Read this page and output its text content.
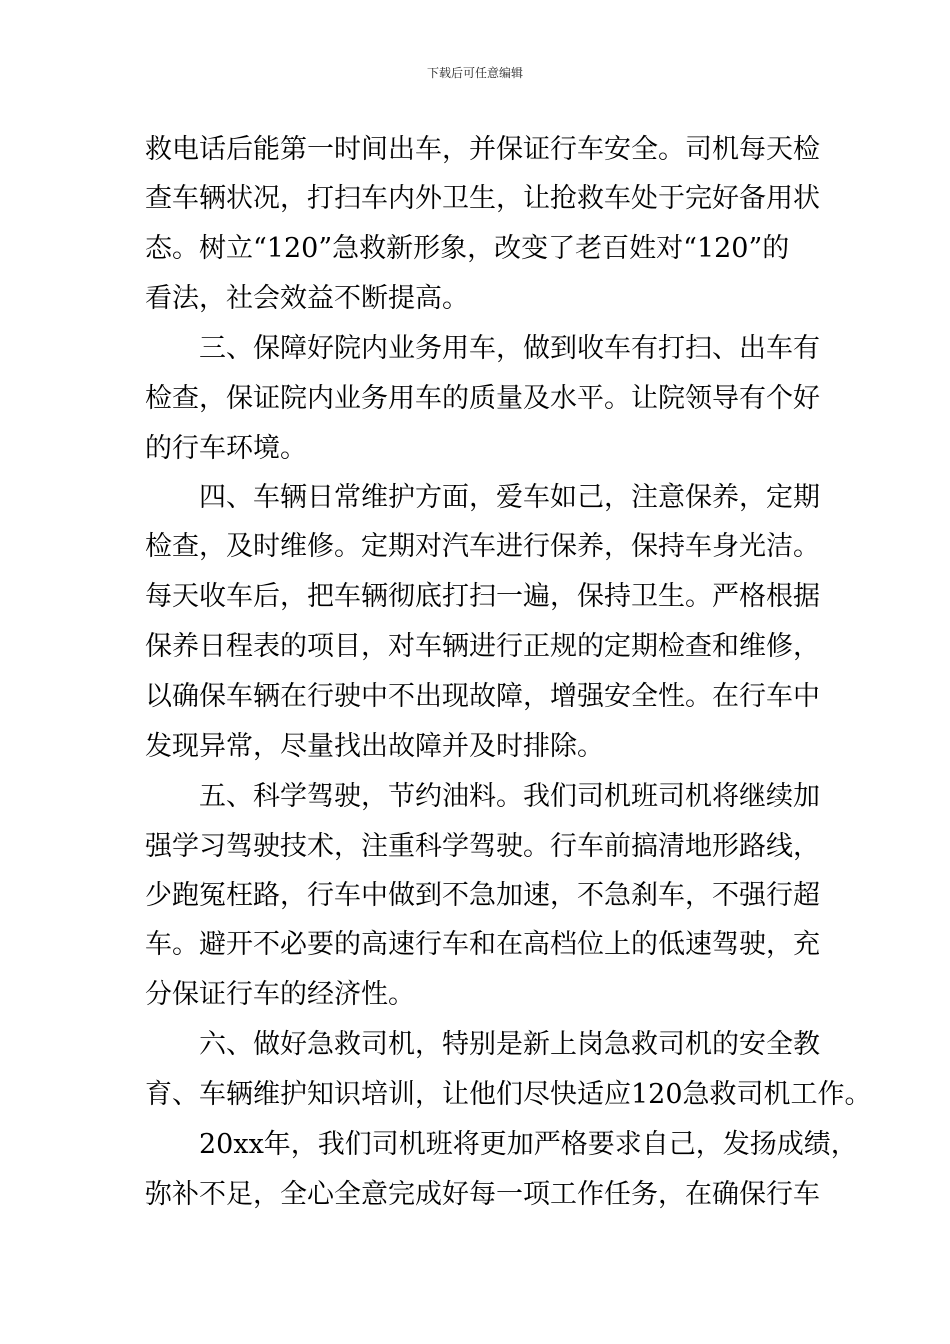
下载后可任意编辑
救电话后能第一时间出车，并保证行车安全。司机每天检
查车辆状况，打扫车内外卫生，让抢救车处于完好备用状
态。树立“120”急救新形象，改变了老百姓对“120”的
看法，社会效益不断提高。
三、保障好院内业务用车，做到收车有打扫、出车有
检查，保证院内业务用车的质量及水平。让院领导有个好
的行车环境。
四、车辆日常维护方面，爱车如己，注意保养，定期
检查，及时维修。定期对汽车进行保养，保持车身光洁。
每天收车后，把车辆彻底打扫一遍，保持卫生。严格根据
保养日程表的项目，对车辆进行正规的定期检查和维修，
以确保车辆在行驶中不出现故障，增强安全性。在行车中
发现异常，尽量找出故障并及时排除。
五、科学驾驶，节约油料。我们司机班司机将继续加
强学习驾驶技术，注重科学驾驶。行车前搞清地形路线，
少跑冤枉路，行车中做到不急加速，不急刹车，不强行超
车。避开不必要的高速行车和在高档位上的低速驾驶，充
分保证行车的经济性。
六、做好急救司机，特别是新上岗急救司机的安全教
育、车辆维护知识培训，让他们尽快适应120急救司机工作。
20xx年，我们司机班将更加严格要求自己，发扬成绩，
弥补不足，全心全意完成好每一项工作任务，在确保行车
